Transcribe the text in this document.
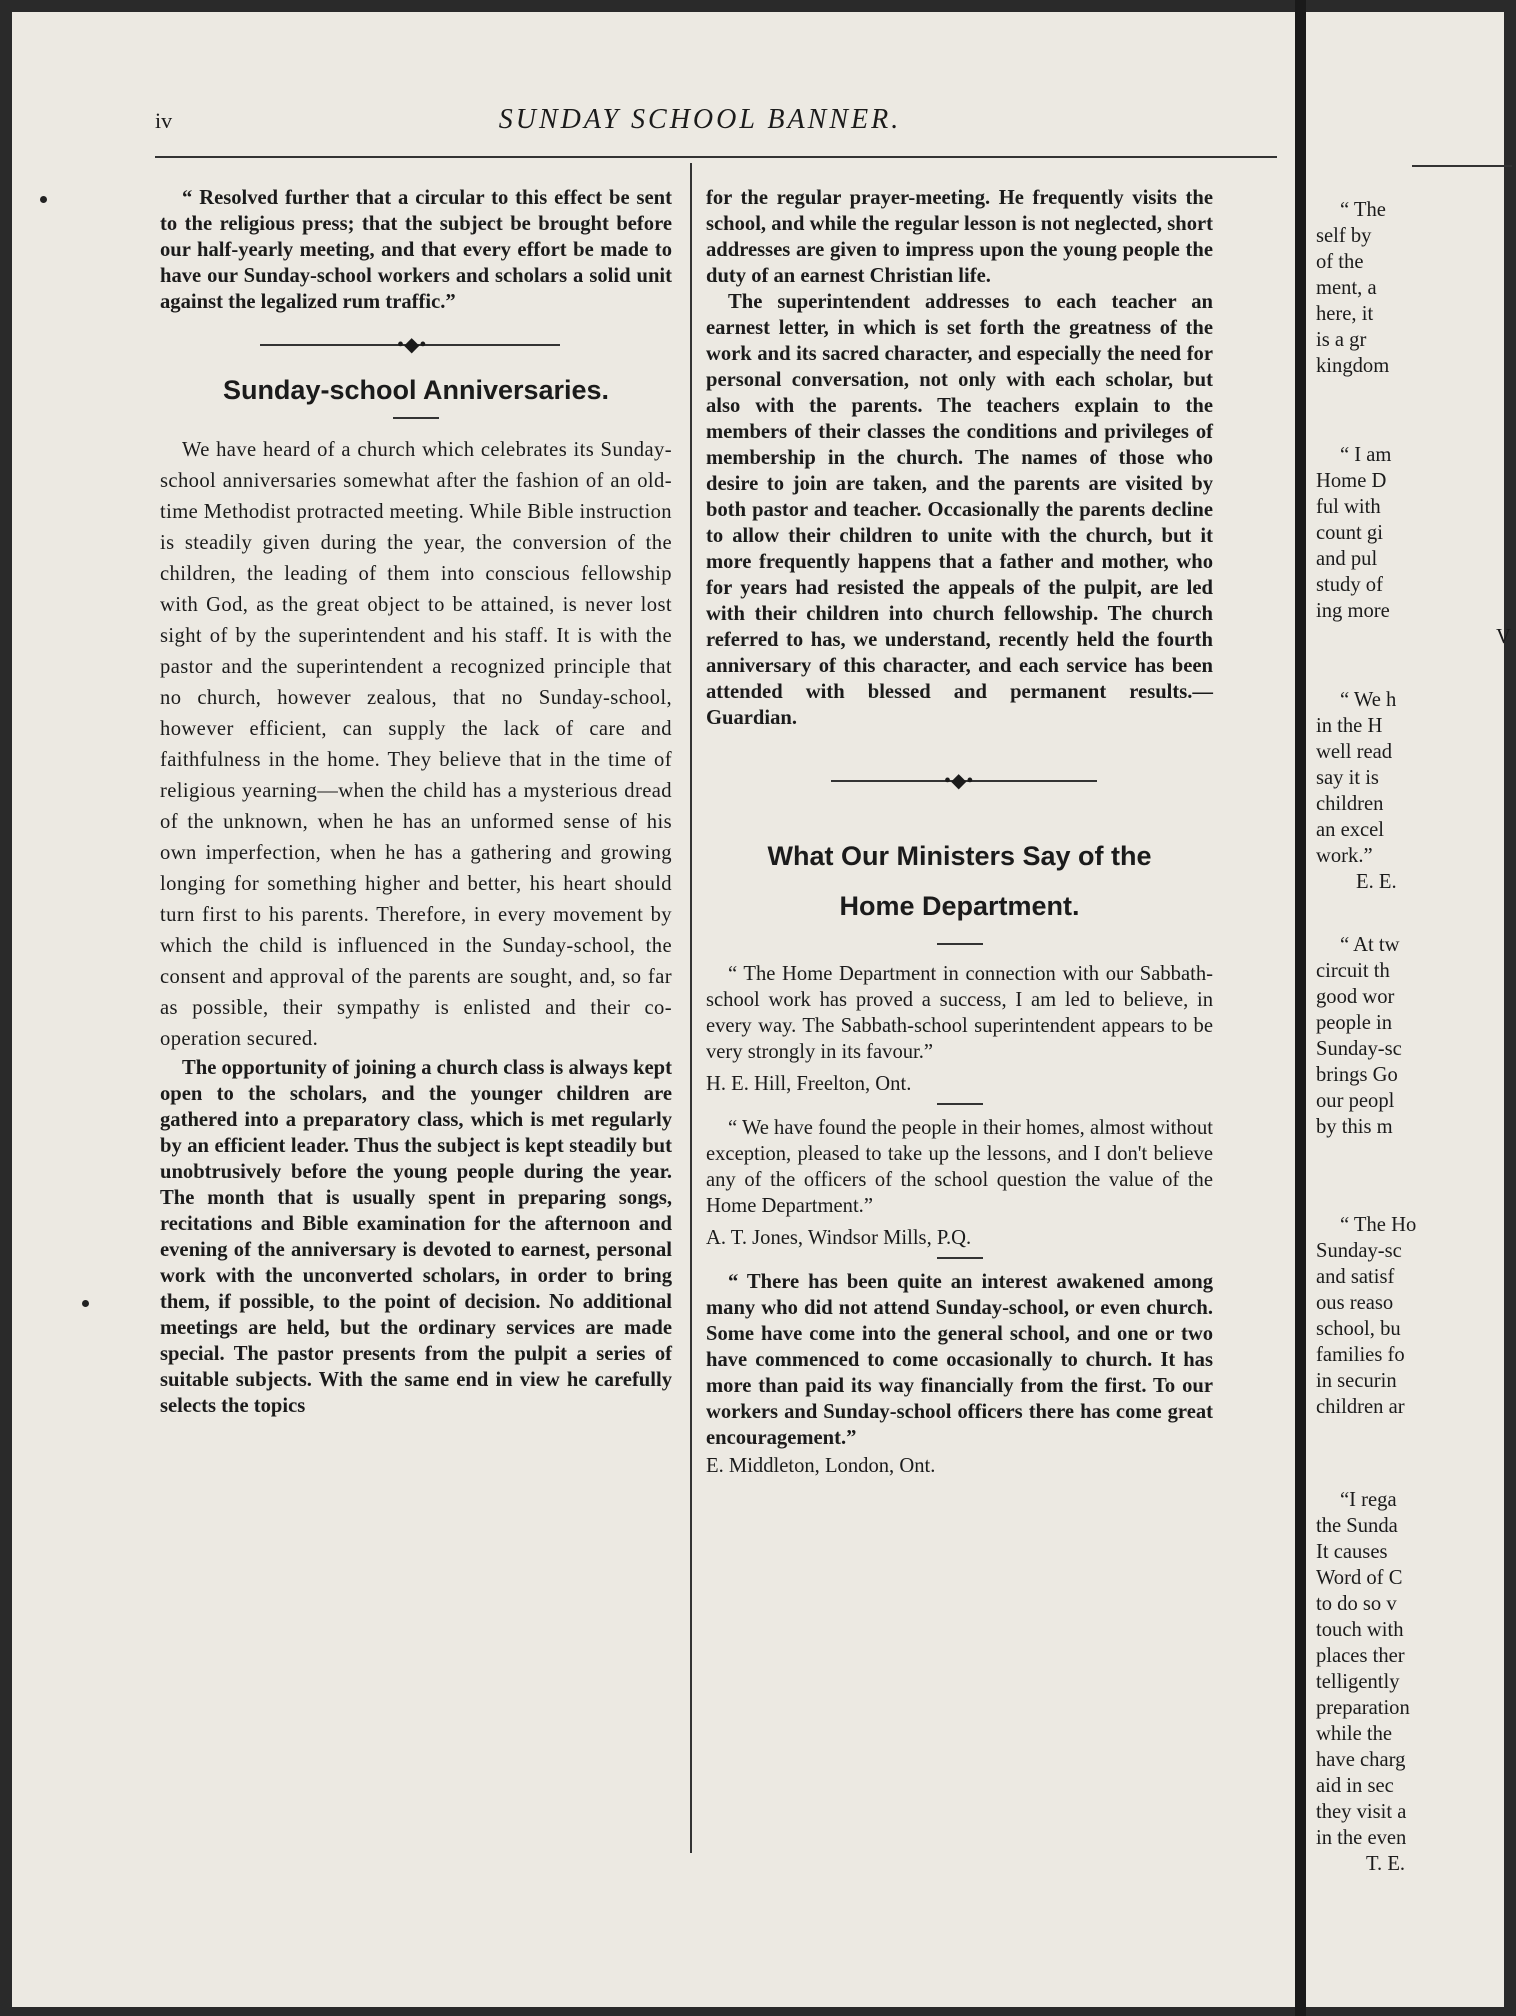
iv	SUNDAY SCHOOL BANNER.

“ Resolved further that a circular to this effect be sent to the religious press; that the subject be brought before our half-yearly meeting, and that every effort be made to have our Sunday-school workers and scholars a solid unit against the legalized rum traffic.”

•◆•
Sunday-school Anniversaries.

We have heard of a church which celebrates its Sunday-school anniversaries somewhat after the fashion of an old-time Methodist protracted meeting. While Bible instruction is steadily given during the year, the conversion of the children, the leading of them into conscious fellowship with God, as the great object to be attained, is never lost sight of by the superintendent and his staff. It is with the pastor and the superintendent a recognized principle that no church, however zealous, that no Sunday-school, however efficient, can supply the lack of care and faithfulness in the home. They believe that in the time of religious yearning—when the child has a mysterious dread of the unknown, when he has an unformed sense of his own imperfection, when he has a gathering and growing longing for something higher and better, his heart should turn first to his parents. Therefore, in every movement by which the child is influenced in the Sunday-school, the consent and approval of the parents are sought, and, so far as possible, their sympathy is enlisted and their co-operation secured.

The opportunity of joining a church class is always kept open to the scholars, and the younger children are gathered into a preparatory class, which is met regularly by an efficient leader. Thus the subject is kept steadily but unobtrusively before the young people during the year. The month that is usually spent in preparing songs, recitations and Bible examination for the afternoon and evening of the anniversary is devoted to earnest, personal work with the unconverted scholars, in order to bring them, if possible, to the point of decision. No additional meetings are held, but the ordinary services are made special. The pastor presents from the pulpit a series of suitable subjects. With the same end in view he carefully selects the topics

for the regular prayer-meeting. He frequently visits the school, and while the regular lesson is not neglected, short addresses are given to impress upon the young people the duty of an earnest Christian life.

The superintendent addresses to each teacher an earnest letter, in which is set forth the greatness of the work and its sacred character, and especially the need for personal conversation, not only with each scholar, but also with the parents. The teachers explain to the members of their classes the conditions and privileges of membership in the church. The names of those who desire to join are taken, and the parents are visited by both pastor and teacher. Occasionally the parents decline to allow their children to unite with the church, but it more frequently happens that a father and mother, who for years had resisted the appeals of the pulpit, are led with their children into church fellowship. The church referred to has, we understand, recently held the fourth anniversary of this character, and each service has been attended with blessed and permanent results.—Guardian.

•◆•
What Our Ministers Say of the
Home Department.

“ The Home Department in connection with our Sabbath-school work has proved a success, I am led to believe, in every way. The Sabbath-school superintendent appears to be very strongly in its favour.”

H. E. Hill, Freelton, Ont.

“ We have found the people in their homes, almost without exception, pleased to take up the lessons, and I don't believe any of the officers of the school question the value of the Home Department.”

A. T. Jones, Windsor Mills, P.Q.

“ There has been quite an interest awakened among many who did not attend Sunday-school, or even church. Some have come into the general school, and one or two have commenced to come occasionally to church. It has more than paid its way financially from the first. To our workers and Sunday-school officers there has come great encouragement.”

E. Middleton, London, Ont.

“ The
self by
of the
ment, a
here, it
is a gr
kingdom
“ I am
Home D
ful with
count gi
and pul
study of
ing more
V
“ We h
in the H
well read
say it is
children
an excel
work.”
E. E.
“ At tw
circuit th
good wor
people in
Sunday-sc
brings Go
our peopl
by this m
“ The Ho
Sunday-sc
and satisf
ous reaso
school, bu
families fo
in securin
children ar
“I rega
the Sunda
It causes
Word of C
to do so v
touch with
places ther
telligently
preparation
while the
have charg
aid in sec
they visit a
in the even
T. E.
